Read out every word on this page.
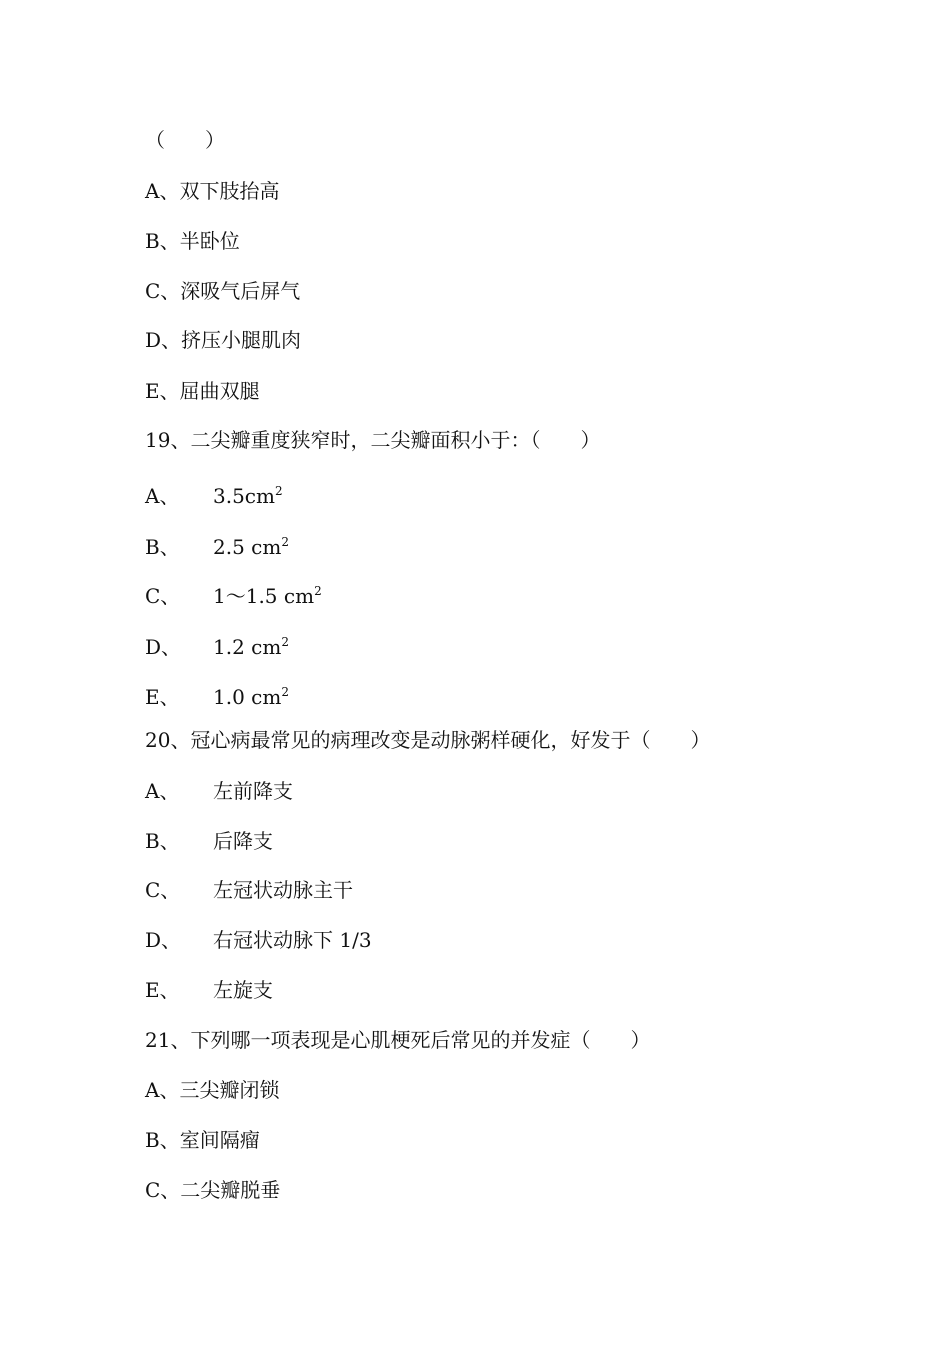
（　　）
A、双下肢抬高
B、半卧位
C、深吸气后屏气
D、挤压小腿肌肉
E、屈曲双腿
19、二尖瓣重度狭窄时，二尖瓣面积小于：（　　）
A、 $3.5cm^2$
B、 2.5 $cm^2$
C、 1～1.5 $cm^2$
D、 1.2 $cm^2$
E、 1.0 $cm^2$
20、冠心病最常见的病理改变是动脉粥样硬化，好发于（　　）
A、 左前降支
B、 后降支
C、 左冠状动脉主干
D、 右冠状动脉下 1/3
E、 左旋支
21、下列哪一项表现是心肌梗死后常见的并发症（　　）
A、三尖瓣闭锁
B、室间隔瘤
C、二尖瓣脱垂
